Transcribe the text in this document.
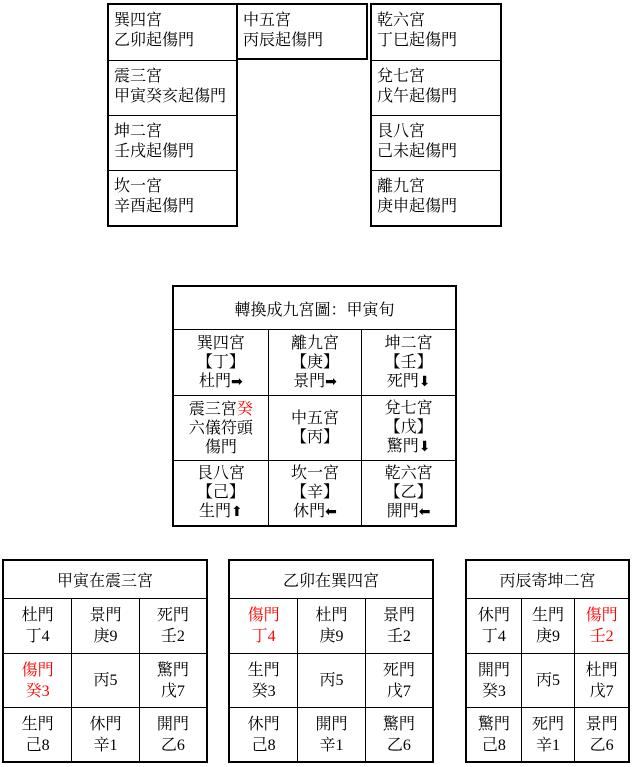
巽四宮
乙卯起傷門
震三宮
甲寅癸亥起傷門
坤二宮
壬戌起傷門
坎一宮
辛酉起傷門
中五宮
丙辰起傷門
乾六宮
丁巳起傷門
兌七宮
戊午起傷門
艮八宮
己未起傷門
離九宮
庚申起傷門
轉換成九宮圖：甲寅旬
巽四宮
【丁】
杜門➡
離九宮
【庚】
景門➡
坤二宮
【壬】
死門⬇
震三宮癸
六儀符頭
傷門
中五宮
【丙】
兌七宮
【戊】
驚門⬇
艮八宮
【己】
生門⬆
坎一宮
【辛】
休門⬅
乾六宮
【乙】
開門⬅
甲寅在震三宮
杜門
丁4
景門
庚9
死門
壬2
傷門
癸3
丙5
驚門
戊7
生門
己8
休門
辛1
開門
乙6
乙卯在巽四宮
傷門
丁4
杜門
庚9
景門
壬2
生門
癸3
丙5
死門
戊7
休門
己8
開門
辛1
驚門
乙6
丙辰寄坤二宮
休門
丁4
生門
庚9
傷門
壬2
開門
癸3
丙5
杜門
戊7
驚門
己8
死門
辛1
景門
乙6
